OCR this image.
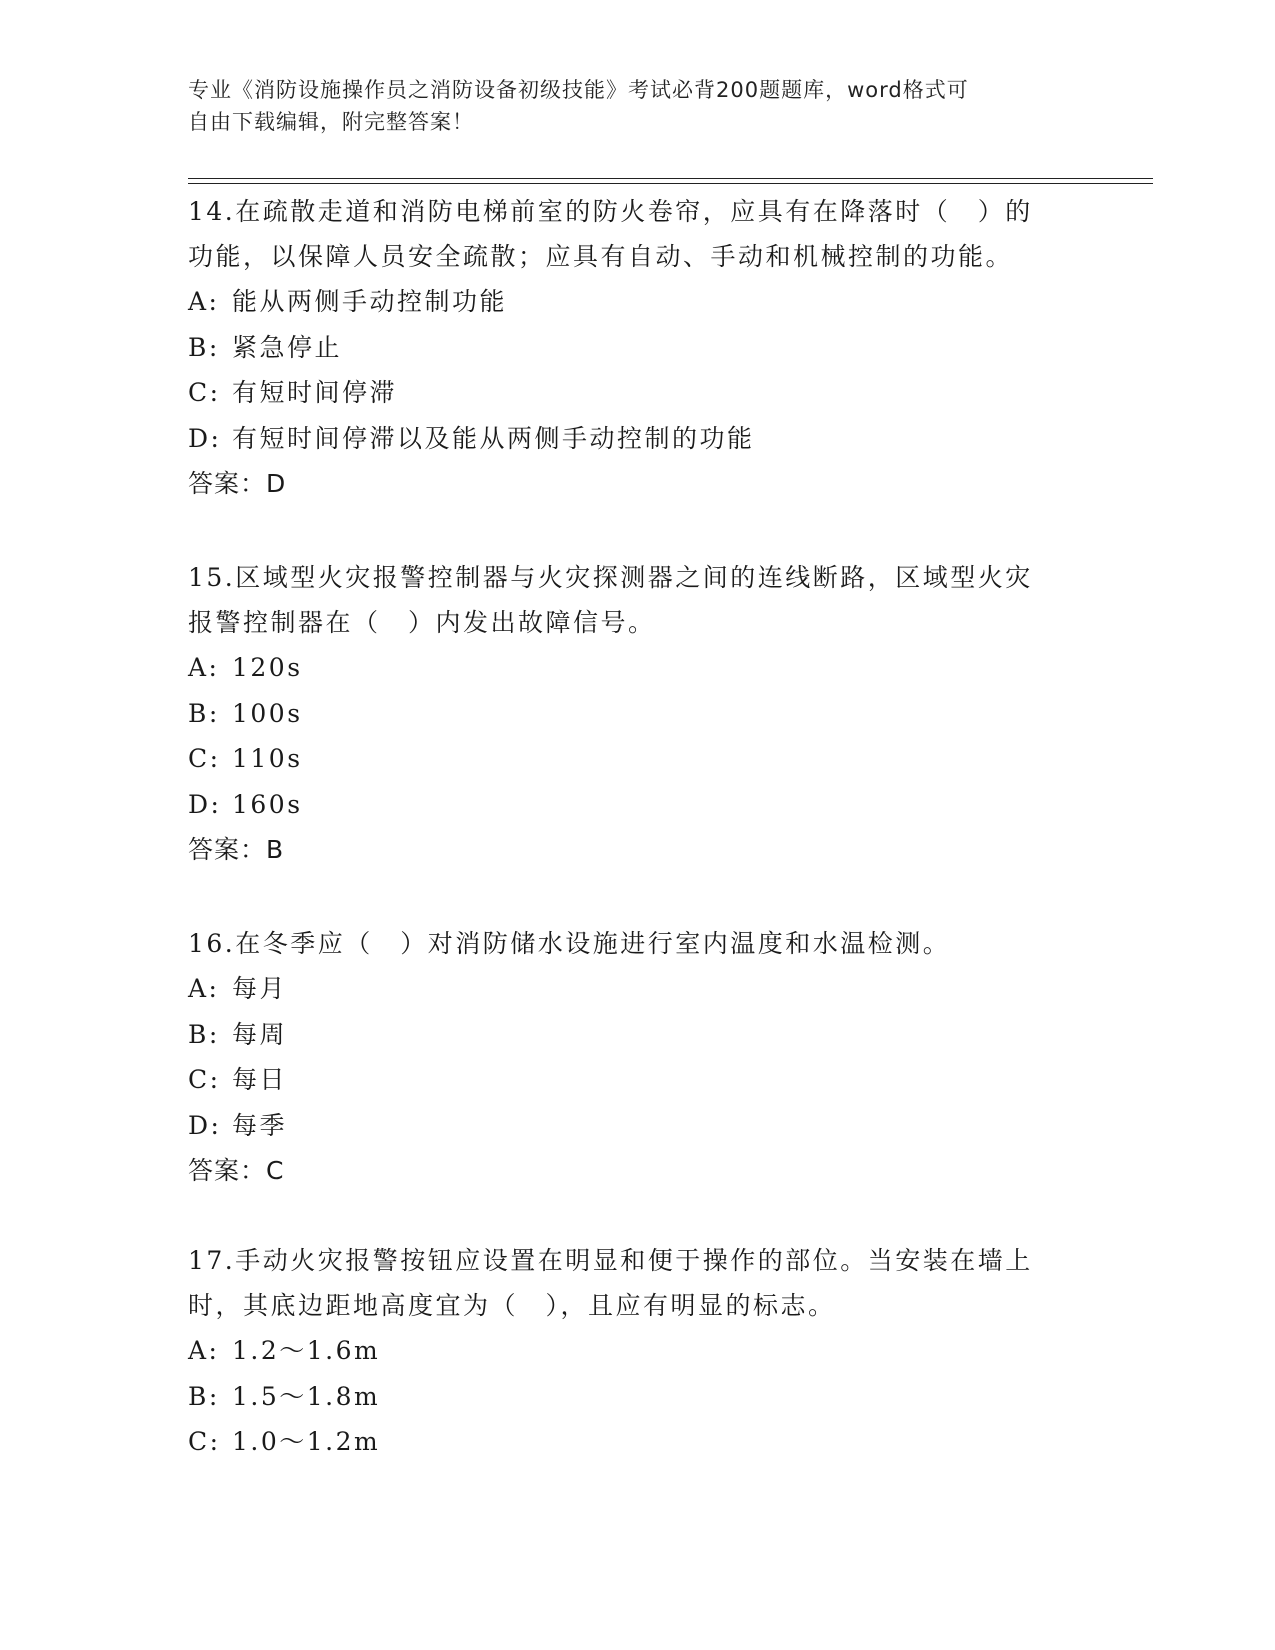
专业《消防设施操作员之消防设备初级技能》考试必背200题题库，word格式可
自由下载编辑，附完整答案！
14.在疏散走道和消防电梯前室的防火卷帘，应具有在降落时（　）的
功能，以保障人员安全疏散；应具有自动、手动和机械控制的功能。
A: 能从两侧手动控制功能
B: 紧急停止
C: 有短时间停滞
D: 有短时间停滞以及能从两侧手动控制的功能
答案：D
15.区域型火灾报警控制器与火灾探测器之间的连线断路，区域型火灾
报警控制器在（　）内发出故障信号。
A: 120s
B: 100s
C: 110s
D: 160s
答案：B
16.在冬季应（　）对消防储水设施进行室内温度和水温检测。
A: 每月
B: 每周
C: 每日
D: 每季
答案：C
17.手动火灾报警按钮应设置在明显和便于操作的部位。当安装在墙上
时，其底边距地高度宜为（　），且应有明显的标志。
A: 1.2～1.6m
B: 1.5～1.8m
C: 1.0～1.2m
